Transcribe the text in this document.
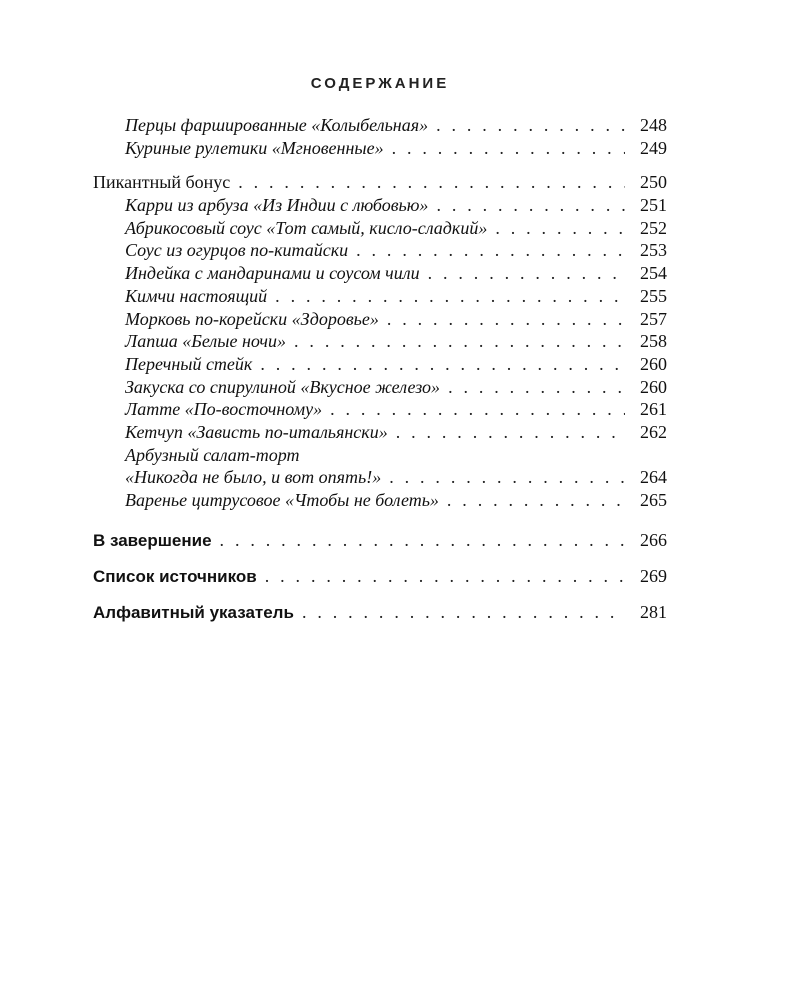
СОДЕРЖАНИЕ
Перцы фаршированные «Колыбельная» . . .	248
Куриные рулетики «Мгновенные» . . .	249
Пикантный бонус . . .	250
Карри из арбуза «Из Индии с любовью» . . .	251
Абрикосовый соус «Тот самый, кисло-сладкий» . . .	252
Соус из огурцов по-китайски . . .	253
Индейка с мандаринами и соусом чили . . .	254
Кимчи настоящий . . .	255
Морковь по-корейски «Здоровье» . . .	257
Лапша «Белые ночи» . . .	258
Перечный стейк . . .	260
Закуска со спирулиной «Вкусное железо» . . .	260
Латте «По-восточному» . . .	261
Кетчуп «Зависть по-итальянски» . . .	262
Арбузный салат-торт
«Никогда не было, и вот опять!» . . .	264
Варенье цитрусовое «Чтобы не болеть» . . .	265
В завершение . . .	266
Список источников . . .	269
Алфавитный указатель . . .	281
